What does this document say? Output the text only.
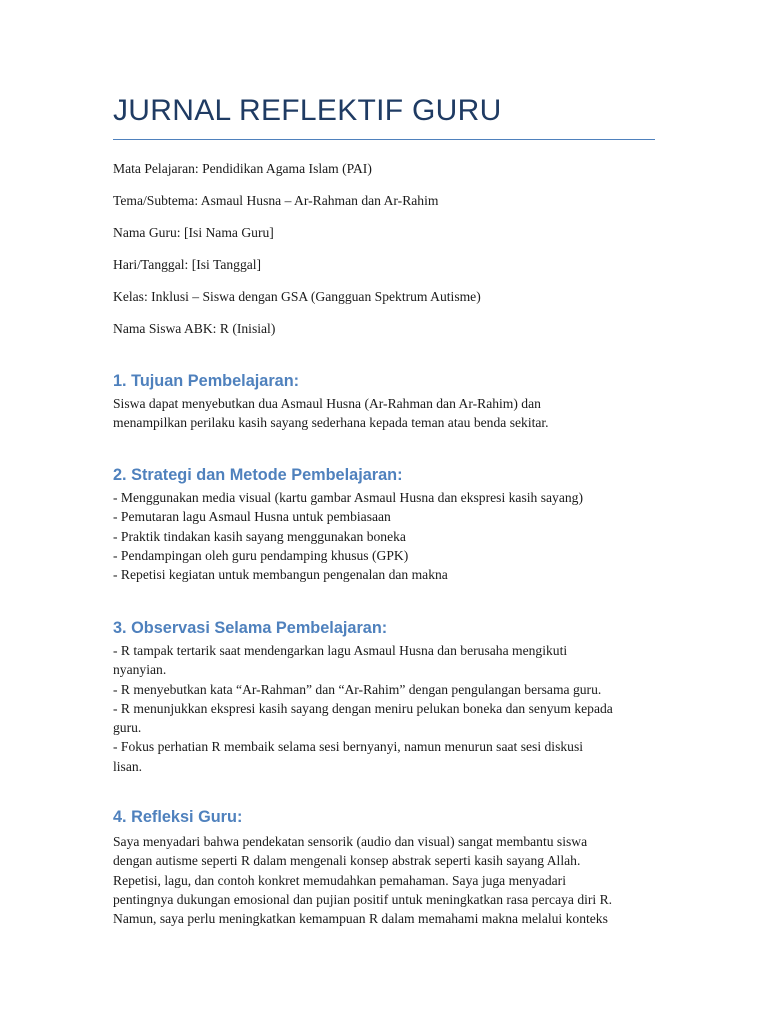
JURNAL REFLEKTIF GURU

Mata Pelajaran: Pendidikan Agama Islam (PAI)

Tema/Subtema: Asmaul Husna – Ar-Rahman dan Ar-Rahim

Nama Guru: [Isi Nama Guru]

Hari/Tanggal: [Isi Tanggal]

Kelas: Inklusi – Siswa dengan GSA (Gangguan Spektrum Autisme)

Nama Siswa ABK: R (Inisial)

1. Tujuan Pembelajaran:
Siswa dapat menyebutkan dua Asmaul Husna (Ar-Rahman dan Ar-Rahim) dan
menampilkan perilaku kasih sayang sederhana kepada teman atau benda sekitar.
2. Strategi dan Metode Pembelajaran:
- Menggunakan media visual (kartu gambar Asmaul Husna dan ekspresi kasih sayang)
- Pemutaran lagu Asmaul Husna untuk pembiasaan
- Praktik tindakan kasih sayang menggunakan boneka
- Pendampingan oleh guru pendamping khusus (GPK)
- Repetisi kegiatan untuk membangun pengenalan dan makna
3. Observasi Selama Pembelajaran:
- R tampak tertarik saat mendengarkan lagu Asmaul Husna dan berusaha mengikuti
nyanyian.
- R menyebutkan kata “Ar-Rahman” dan “Ar-Rahim” dengan pengulangan bersama guru.
- R menunjukkan ekspresi kasih sayang dengan meniru pelukan boneka dan senyum kepada
guru.
- Fokus perhatian R membaik selama sesi bernyanyi, namun menurun saat sesi diskusi
lisan.
4. Refleksi Guru:
Saya menyadari bahwa pendekatan sensorik (audio dan visual) sangat membantu siswa
dengan autisme seperti R dalam mengenali konsep abstrak seperti kasih sayang Allah.
Repetisi, lagu, dan contoh konkret memudahkan pemahaman. Saya juga menyadari
pentingnya dukungan emosional dan pujian positif untuk meningkatkan rasa percaya diri R.
Namun, saya perlu meningkatkan kemampuan R dalam memahami makna melalui konteks
